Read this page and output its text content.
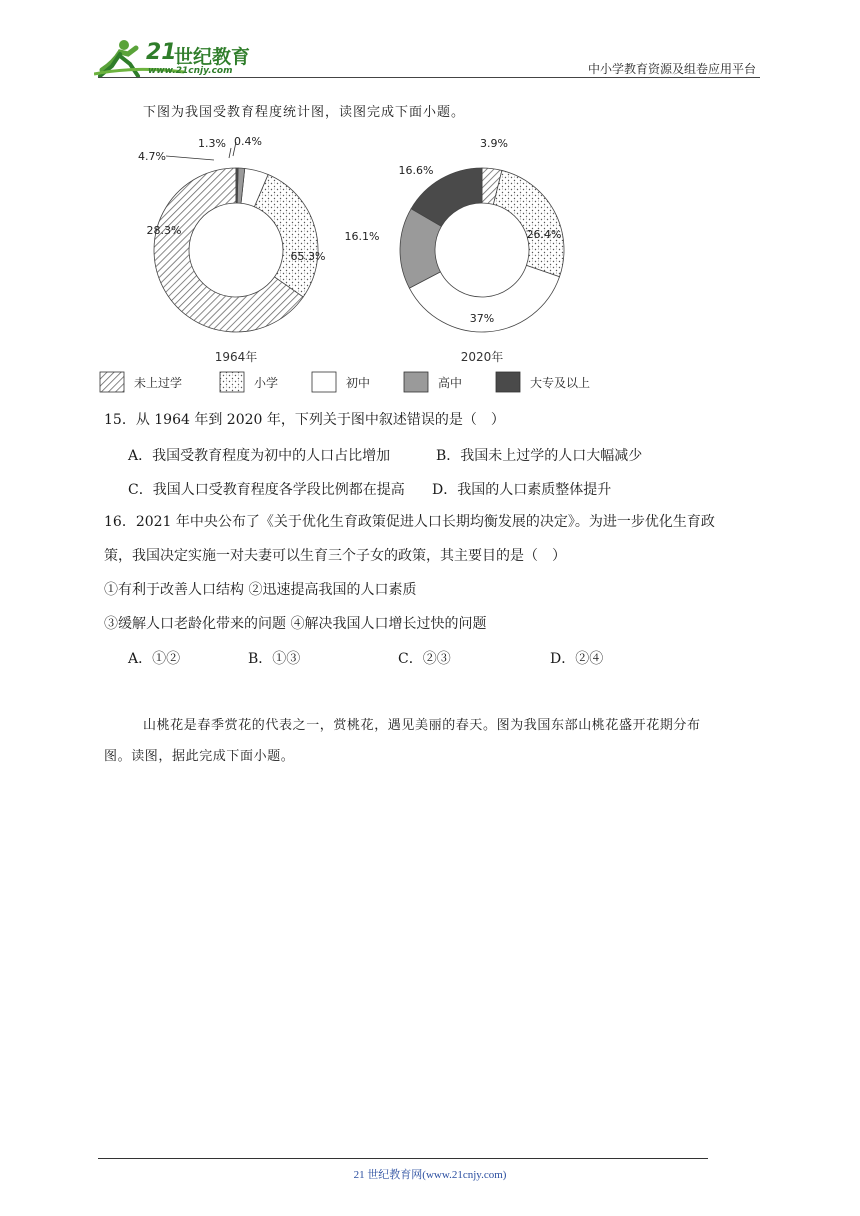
21
世纪教育
www.21cnjy.com	中小学教育资源及组卷应用平台
下图为我国受教育程度统计图，读图完成下面小题。
1964年	2020年
65.3%
28.3%
4.7%
1.3% 0.4%	3.9%
26.4%
37%
16.1%
16.6%
未上过学	小学	初中	高中	大专及以上
15．从 1964 年到 2020 年，下列关于图中叙述错误的是（　）
A．我国受教育程度为初中的人口占比增加	B．我国未上过学的人口大幅减少
C．我国人口受教育程度各学段比例都在提高 D．我国的人口素质整体提升
16．2021 年中央公布了《关于优化生育政策促进人口长期均衡发展的决定》。为进一步优化生育政
策，我国决定实施一对夫妻可以生育三个子女的政策，其主要目的是（　）
①有利于改善人口结构 ②迅速提高我国的人口素质
③缓解人口老龄化带来的问题 ④解决我国人口增长过快的问题
A．①②	B．①③	C．②③	D．②④
山桃花是春季赏花的代表之一，赏桃花，遇见美丽的春天。图为我国东部山桃花盛开花期分布
图。读图，据此完成下面小题。
21 世纪教育网(www.21cnjy.com)
